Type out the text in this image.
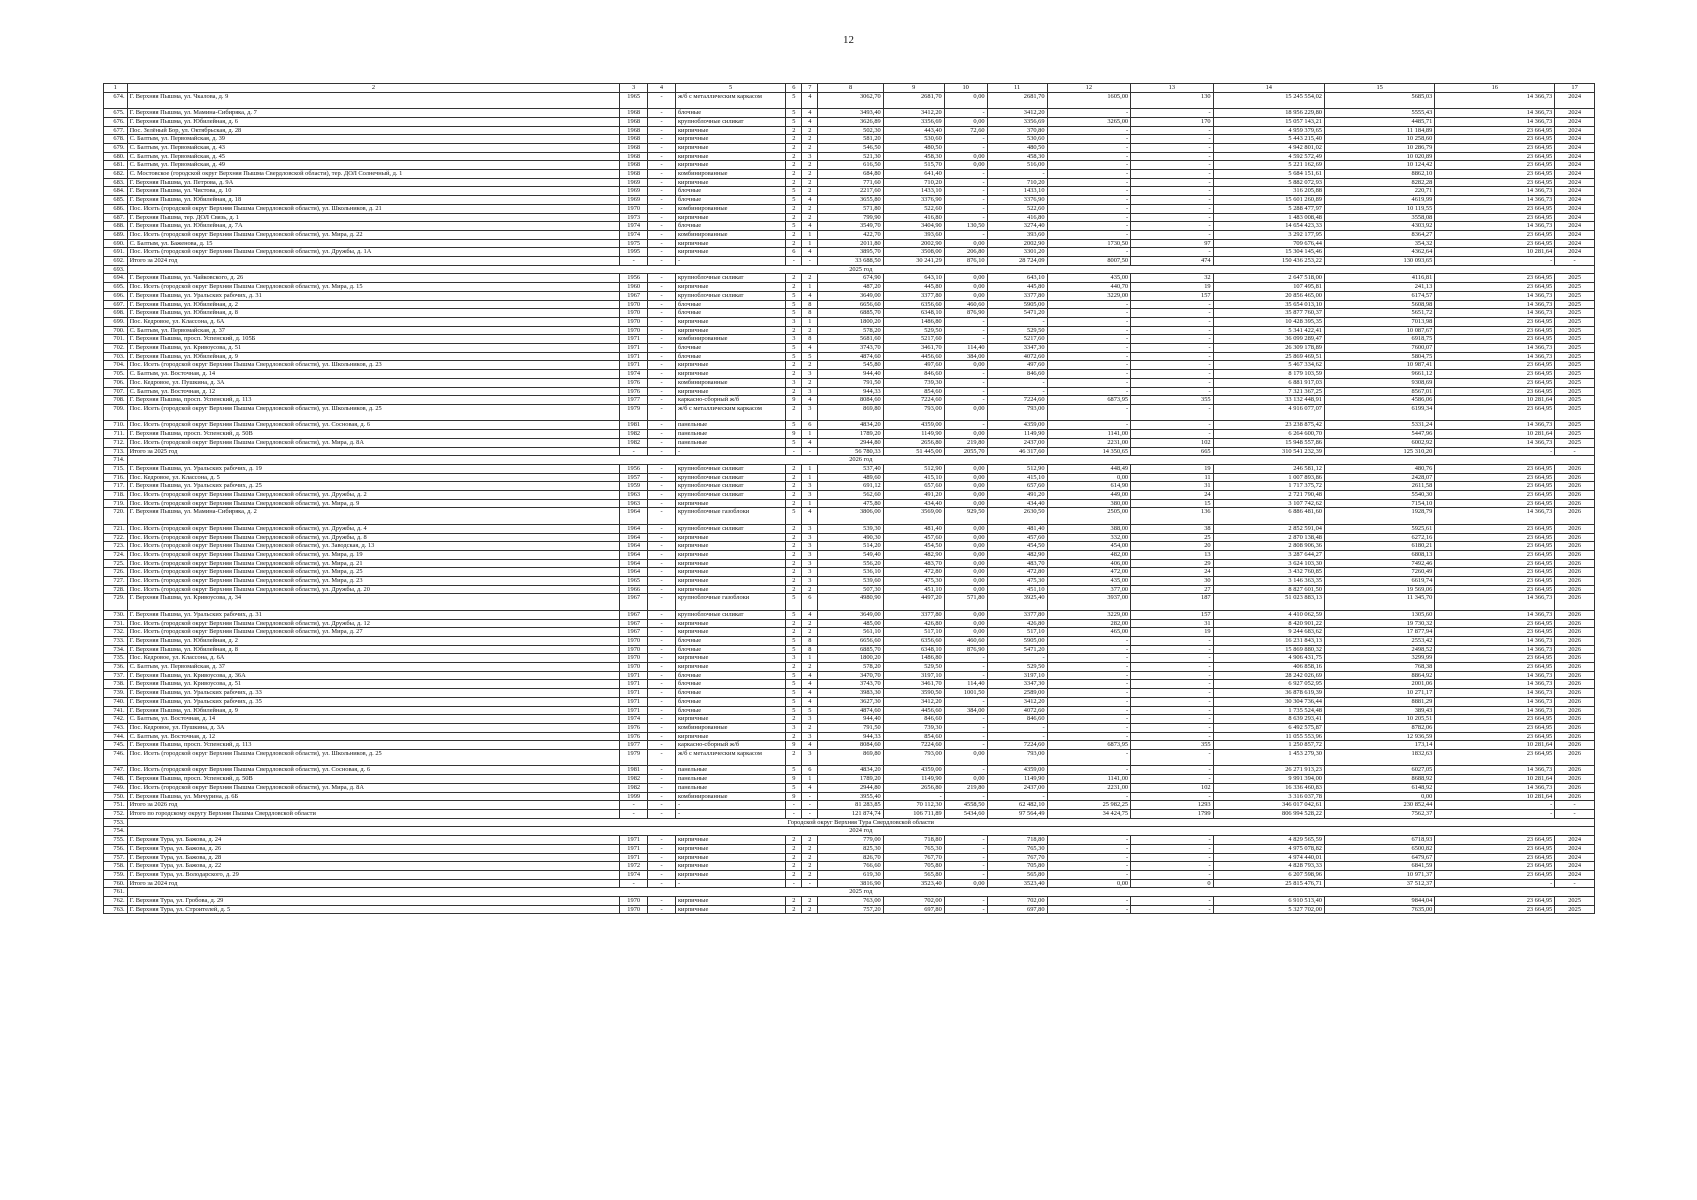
12
1	2	3	4	5	6	7	8	9	10	11	12	13	14	15	16	17
674.	Г. Верхняя Пышма, ул. Чкалова, д. 9	1965	-	ж/б с металлическим каркасом	5	4	3062,70	2681,70	0,00	2681,70	1605,00	130	15 245 554,02	5685,03	14 366,73	2024
675.	Г. Верхняя Пышма, ул. Мамина-Сибиряка, д. 7	1968	-	блочные	5	4	3493,40	3412,20	-	3412,20	-	-	18 956 229,80	5555,43	14 366,73	2024
676.	Г. Верхняя Пышма, ул. Юбилейная, д. 6	1968	-	крупноблочные силикат	5	4	3626,89	3356,69	0,00	3356,69	3265,00	170	15 057 143,21	4485,71	14 366,73	2024
677.	Пос. Зелёный Бор, ул. Октябрьская, д. 28	1968	-	кирпичные	2	2	502,30	443,40	72,60	370,80	-	-	4 959 379,65	11 184,89	23 664,95	2024
678.	С. Балтым, ул. Первомайская, д. 39	1968	-	кирпичные	2	2	581,20	530,60	-	530,60	-	-	5 443 215,40	10 258,60	23 664,95	2024
679.	С. Балтым, ул. Первомайская, д. 43	1968	-	кирпичные	2	2	546,50	480,50	-	480,50	-	-	4 942 801,02	10 286,79	23 664,95	2024
680.	С. Балтым, ул. Первомайская, д. 45	1968	-	кирпичные	2	3	521,30	458,30	0,00	458,30	-	-	4 592 572,49	10 020,89	23 664,95	2024
681.	С. Балтым, ул. Первомайская, д. 49	1968	-	кирпичные	2	2	616,50	515,70	0,00	516,00	-	-	5 221 162,69	10 124,42	23 664,95	2024
682.	С. Мостовское (городской округ Верхняя Пышма Свердловской области), тер. ДОЛ Солнечный, д. 1	1968	-	комбинированные	2	2	684,80	641,40	-	-	-	-	5 684 151,61	8862,10	23 664,95	2024
683.	Г. Верхняя Пышма, ул. Петрова, д. 9А	1969	-	кирпичные	2	2	771,60	710,20	-	710,20	-	-	5 882 072,93	8282,28	23 664,95	2024
684.	Г. Верхняя Пышма, ул. Чистова, д. 10	1969	-	блочные	5	2	2217,60	1433,10	-	1433,10	-	-	316 205,88	220,71	14 366,73	2024
685.	Г. Верхняя Пышма, ул. Юбилейная, д. 18	1969	-	блочные	5	4	3655,80	3376,90	-	3376,90	-	-	15 601 260,89	4619,99	14 366,73	2024
686.	Пос. Исеть (городской округ Верхняя Пышма Свердловской области), ул. Школьников, д. 21	1970	-	комбинированные	2	2	571,80	522,60	-	522,60	-	-	5 288 477,97	10 119,55	23 664,95	2024
687.	Г. Верхняя Пышма, тер. ДОЛ Связь, д. 1	1973	-	кирпичные	2	2	799,90	416,80	-	416,80	-	-	1 483 008,48	3558,08	23 664,95	2024
688.	Г. Верхняя Пышма, ул. Юбилейная, д. 7А	1974	-	блочные	5	4	3549,70	3404,90	130,50	3274,40	-	-	14 654 423,33	4303,92	14 366,73	2024
689.	Пос. Исеть (городской округ Верхняя Пышма Свердловской области), ул. Мира, д. 22	1974	-	комбинированные	2	1	422,70	393,60	-	393,60	-	-	3 292 177,95	8364,27	23 664,95	2024
690.	С. Балтым, ул. Баженова, д. 15	1975	-	кирпичные	2	1	2011,80	2002,90	0,00	2002,90	1730,50	97	709 676,44	354,32	23 664,95	2024
691.	Пос. Исеть (городской округ Верхняя Пышма Свердловской области), ул. Дружбы, д. 1А	1995	-	кирпичные	6	4	3895,70	3508,00	206,80	3301,20	-	-	15 304 145,46	4362,64	10 281,64	2024
692.	Итого за 2024 год	-	-	-	-	-	33 688,50	30 241,29	876,10	28 724,09	8007,50	474	150 436 253,22	130 093,65	-	-
693.	2025 год															
694.	Г. Верхняя Пышма, ул. Чайковского, д. 26	1956	-	крупноблочные силикат	2	2	674,90	643,10	0,00	643,10	435,00	32	2 647 518,00	4116,81	23 664,95	2025
695.	Пос. Исеть (городской округ Верхняя Пышма Свердловской области), ул. Мира, д. 15	1960	-	кирпичные	2	1	487,20	445,80	0,00	445,80	440,70	19	107 495,81	241,13	23 664,95	2025
696.	Г. Верхняя Пышма, ул. Уральских рабочих, д. 31	1967	-	крупноблочные силикат	5	4	3649,00	3377,80	0,00	3377,80	3229,00	157	20 856 465,00	6174,57	14 366,73	2025
697.	Г. Верхняя Пышма, ул. Юбилейная, д. 2	1970	-	блочные	5	8	6656,60	6356,60	460,60	5905,00	-	-	35 654 013,10	5608,98	14 366,73	2025
698.	Г. Верхняя Пышма, ул. Юбилейная, д. 8	1970	-	блочные	5	8	6885,70	6348,10	876,90	5471,20	-	-	35 877 760,37	5651,72	14 366,73	2025
699.	Пос. Кедровое, ул. Классона, д. 6А	1970	-	кирпичные	3	1	1800,20	1486,80	-	-	-	-	10 428 395,35	7013,98	23 664,95	2025
700.	С. Балтым, ул. Первомайская, д. 37	1970	-	кирпичные	2	2	578,20	529,50	-	529,50	-	-	5 341 422,41	10 087,67	23 664,95	2025
701.	Г. Верхняя Пышма, просп. Успенский, д. 105Б	1971	-	комбинированные	3	8	5681,60	5217,60	-	5217,60	-	-	36 099 289,47	6918,75	23 664,95	2025
702.	Г. Верхняя Пышма, ул. Кривоусова, д. 51	1971	-	блочные	5	4	3743,70	3461,70	114,40	3347,30	-	-	26 309 178,89	7600,07	14 366,73	2025
703.	Г. Верхняя Пышма, ул. Юбилейная, д. 9	1971	-	блочные	5	5	4874,60	4456,60	384,00	4072,60	-	-	25 869 469,51	5804,75	14 366,73	2025
704.	Пос. Исеть (городской округ Верхняя Пышма Свердловской области), ул. Школьников, д. 23	1971	-	кирпичные	2	2	545,80	497,60	0,00	497,60	-	-	5 467 334,62	10 987,41	23 664,95	2025
705.	С. Балтым, ул. Восточная, д. 14	1974	-	кирпичные	2	3	944,40	846,60	-	846,60	-	-	8 179 103,59	9661,12	23 664,95	2025
706.	Пос. Кедровое, ул. Пушкина, д. 3А	1976	-	комбинированные	3	2	791,50	739,30	-	-	-	-	6 881 917,03	9308,69	23 664,95	2025
707.	С. Балтым, ул. Восточная, д. 12	1976	-	кирпичные	2	3	944,33	854,60	-	-	-	-	7 321 367,25	8567,01	23 664,95	2025
708.	Г. Верхняя Пышма, просп. Успенский, д. 113	1977	-	каркасно-сборный ж/б	9	4	8084,60	7224,60	-	7224,60	6873,95	355	33 132 448,91	4586,06	10 281,64	2025
709.	Пос. Исеть (городской округ Верхняя Пышма Свердловской области), ул. Школьников, д. 25	1979	-	ж/б с металлическим каркасом	2	3	869,80	793,00	0,00	793,00	-	-	4 916 077,07	6199,34	23 664,95	2025
710.	Пос. Исеть (городской округ Верхняя Пышма Свердловской области), ул. Сосновая, д. 6	1981	-	панельные	5	6	4834,20	4359,00	-	4359,00	-	-	23 238 875,42	5331,24	14 366,73	2025
711.	Г. Верхняя Пышма, просп. Успенский, д. 50В	1982	-	панельные	9	1	1789,20	1149,90	0,00	1149,90	1141,00	-	6 264 600,70	5447,96	10 281,64	2025
712.	Пос. Исеть (городской округ Верхняя Пышма Свердловской области), ул. Мира, д. 8А	1982	-	панельные	5	4	2944,80	2656,80	219,80	2437,00	2231,00	102	15 948 557,86	6002,92	14 366,73	2025
713.	Итого за 2025 год	-	-	-	-	-	56 780,33	51 445,00	2055,70	46 317,60	14 350,65	665	310 541 232,39	125 310,20	-	-
714.	2026 год															
715.	Г. Верхняя Пышма, ул. Уральских рабочих, д. 19	1956	-	крупноблочные силикат	2	1	537,40	512,90	0,00	512,90	448,49	19	246 581,12	480,76	23 664,95	2026
716.	Пос. Кедровое, ул. Классона, д. 5	1957	-	крупноблочные силикат	2	1	489,60	415,10	0,00	415,10	0,00	11	1 007 893,86	2428,07	23 664,95	2026
717.	Г. Верхняя Пышма, ул. Уральских рабочих, д. 25	1959	-	крупноблочные силикат	2	3	691,12	657,60	0,00	657,60	614,90	31	1 717 375,72	2611,58	23 664,95	2026
718.	Пос. Исеть (городской округ Верхняя Пышма Свердловской области), ул. Дружбы, д. 2	1963	-	крупноблочные силикат	2	3	562,60	491,20	0,00	491,20	449,00	24	2 721 790,48	5540,30	23 664,95	2026
719.	Пос. Исеть (городской округ Верхняя Пышма Свердловской области), ул. Мира, д. 9	1963	-	кирпичные	2	1	475,80	434,40	0,00	434,40	380,00	15	3 107 742,62	7154,10	23 664,95	2026
720.	Г. Верхняя Пышма, ул. Мамина-Сибиряка, д. 2	1964	-	крупноблочные газоблоки	5	4	3806,00	3569,00	929,50	2630,50	2505,00	136	6 886 481,60	1928,79	14 366,73	2026
721.	Пос. Исеть (городской округ Верхняя Пышма Свердловской области), ул. Дружбы, д. 4	1964	-	крупноблочные силикат	2	3	539,30	481,40	0,00	481,40	388,00	38	2 852 591,04	5925,61	23 664,95	2026
722.	Пос. Исеть (городской округ Верхняя Пышма Свердловской области), ул. Дружбы, д. 8	1964	-	кирпичные	2	3	490,30	457,60	0,00	457,60	332,00	25	2 870 138,48	6272,16	23 664,95	2026
723.	Пос. Исеть (городской округ Верхняя Пышма Свердловской области), ул. Заводская, д. 13	1964	-	кирпичные	2	3	514,20	454,50	0,00	454,50	454,00	20	2 808 906,36	6180,21	23 664,95	2026
724.	Пос. Исеть (городской округ Верхняя Пышма Свердловской области), ул. Мира, д. 19	1964	-	кирпичные	2	3	549,40	482,90	0,00	482,90	482,00	13	3 287 644,27	6808,13	23 664,95	2026
725.	Пос. Исеть (городской округ Верхняя Пышма Свердловской области), ул. Мира, д. 21	1964	-	кирпичные	2	3	556,20	483,70	0,00	483,70	406,00	29	3 624 103,30	7492,46	23 664,95	2026
726.	Пос. Исеть (городской округ Верхняя Пышма Свердловской области), ул. Мира, д. 25	1964	-	кирпичные	2	3	536,10	472,80	0,00	472,80	472,00	24	3 432 760,85	7260,49	23 664,95	2026
727.	Пос. Исеть (городской округ Верхняя Пышма Свердловской области), ул. Мира, д. 23	1965	-	кирпичные	2	3	539,60	475,30	0,00	475,30	435,00	30	3 146 363,35	6619,74	23 664,95	2026
728.	Пос. Исеть (городской округ Верхняя Пышма Свердловской области), ул. Дружбы, д. 20	1966	-	кирпичные	2	2	507,30	451,10	0,00	451,10	377,00	27	8 827 601,50	19 569,06	23 664,95	2026
729.	Г. Верхняя Пышма, ул. Кривоусова, д. 34	1967	-	крупноблочные газоблоки	5	6	4980,90	4497,20	571,80	3925,40	3937,00	187	51 023 883,13	11 345,70	14 366,73	2026
730.	Г. Верхняя Пышма, ул. Уральских рабочих, д. 31	1967	-	крупноблочные силикат	5	4	3649,00	3377,80	0,00	3377,80	3229,00	157	4 410 062,59	1305,60	14 366,73	2026
731.	Пос. Исеть (городской округ Верхняя Пышма Свердловской области), ул. Дружбы, д. 12	1967	-	кирпичные	2	2	485,00	426,80	0,00	426,80	282,00	31	8 420 901,22	19 730,32	23 664,95	2026
732.	Пос. Исеть (городской округ Верхняя Пышма Свердловской области), ул. Мира, д. 27	1967	-	кирпичные	2	2	561,10	517,10	0,00	517,10	465,00	19	9 244 683,62	17 877,94	23 664,95	2026
733.	Г. Верхняя Пышма, ул. Юбилейная, д. 2	1970	-	блочные	5	8	6656,60	6356,60	460,60	5905,00	-	-	16 231 843,13	2553,42	14 366,73	2026
734.	Г. Верхняя Пышма, ул. Юбилейная, д. 8	1970	-	блочные	5	8	6885,70	6348,10	876,90	5471,20	-	-	15 869 880,32	2498,52	14 366,73	2026
735.	Пос. Кедровое, ул. Классона, д. 6А	1970	-	кирпичные	3	1	1800,20	1486,80	-	-	-	-	4 906 431,75	3299,99	23 664,95	2026
736.	С. Балтым, ул. Первомайская, д. 37	1970	-	кирпичные	2	2	578,20	529,50	-	529,50	-	-	406 858,16	768,38	23 664,95	2026
737.	Г. Верхняя Пышма, ул. Кривоусова, д. 36А	1971	-	блочные	5	4	3470,70	3197,10	-	3197,10	-	-	28 242 026,69	8864,92	14 366,73	2026
738.	Г. Верхняя Пышма, ул. Кривоусова, д. 51	1971	-	блочные	5	4	3743,70	3461,70	114,40	3347,30	-	-	6 927 052,95	2001,06	14 366,73	2026
739.	Г. Верхняя Пышма, ул. Уральских рабочих, д. 33	1971	-	блочные	5	4	3983,30	3590,50	1001,50	2589,00	-	-	36 878 619,39	10 271,17	14 366,73	2026
740.	Г. Верхняя Пышма, ул. Уральских рабочих, д. 35	1971	-	блочные	5	4	3627,30	3412,20	-	3412,20	-	-	30 304 736,44	8881,29	14 366,73	2026
741.	Г. Верхняя Пышма, ул. Юбилейная, д. 9	1971	-	блочные	5	5	4874,60	4456,60	384,00	4072,60	-	-	1 735 524,48	389,43	14 366,73	2026
742.	С. Балтым, ул. Восточная, д. 14	1974	-	кирпичные	2	3	944,40	846,60	-	846,60	-	-	8 639 293,41	10 205,51	23 664,95	2026
743.	Пос. Кедровое, ул. Пушкина, д. 3А	1976	-	комбинированные	3	2	791,50	739,30	-	-	-	-	6 492 575,87	8782,06	23 664,95	2026
744.	С. Балтым, ул. Восточная, д. 12	1976	-	кирпичные	2	3	944,33	854,60	-	-	-	-	11 055 553,96	12 936,59	23 664,95	2026
745.	Г. Верхняя Пышма, просп. Успенский, д. 113	1977	-	каркасно-сборный ж/б	9	4	8084,60	7224,60	-	7224,60	6873,95	355	1 250 857,72	173,14	10 281,64	2026
746.	Пос. Исеть (городской округ Верхняя Пышма Свердловской области), ул. Школьников, д. 25	1979	-	ж/б с металлическим каркасом	2	3	869,80	793,00	0,00	793,00	-	-	1 453 279,30	1832,63	23 664,95	2026
747.	Пос. Исеть (городской округ Верхняя Пышма Свердловской области), ул. Сосновая, д. 6	1981	-	панельные	5	6	4834,20	4359,00	-	4359,00	-	-	26 271 913,23	6027,05	14 366,73	2026
748.	Г. Верхняя Пышма, просп. Успенский, д. 50В	1982	-	панельные	9	1	1789,20	1149,90	0,00	1149,90	1141,00	-	9 991 394,00	8688,92	10 281,64	2026
749.	Пос. Исеть (городской округ Верхняя Пышма Свердловской области), ул. Мира, д. 8А	1982	-	панельные	5	4	2944,80	2656,80	219,80	2437,00	2231,00	102	16 336 460,83	6148,92	14 366,73	2026
750.	Г. Верхняя Пышма, ул. Мичурина, д. 6Б	1999	-	комбинированные	9	-	3955,40	-	-	-	-	-	3 316 037,78	0,00	10 281,64	2026
751.	Итого за 2026 год	-	-	-	-	-	81 283,85	70 112,30	4558,50	62 482,10	25 982,25	1293	346 017 042,61	230 852,44	-	-
752.	Итого по городскому округу Верхняя Пышма Свердловской области	-	-	-	-	-	121 874,74	106 711,89	5434,60	97 564,49	34 424,75	1799	806 994 528,22	7562,37	-	-
753.	Городской округ Верхняя Тура Свердловской области															
754.	2024 год															
755.	Г. Верхняя Тура, ул. Бажова, д. 24	1971	-	кирпичные	2	2	779,00	718,80	-	718,80	-	-	4 829 565,59	6718,93	23 664,95	2024
756.	Г. Верхняя Тура, ул. Бажова, д. 26	1971	-	кирпичные	2	2	825,30	765,30	-	765,30	-	-	4 975 078,82	6500,82	23 664,95	2024
757.	Г. Верхняя Тура, ул. Бажова, д. 28	1971	-	кирпичные	2	2	826,70	767,70	-	767,70	-	-	4 974 440,01	6479,67	23 664,95	2024
758.	Г. Верхняя Тура, ул. Бажова, д. 22	1972	-	кирпичные	2	2	766,60	705,80	-	705,80	-	-	4 828 793,33	6841,59	23 664,95	2024
759.	Г. Верхняя Тура, ул. Володарского, д. 29	1974	-	кирпичные	2	2	619,30	565,80	-	565,80	-	-	6 207 598,96	10 971,37	23 664,95	2024
760.	Итого за 2024 год	-	-	-	-	-	3816,90	3523,40	0,00	3523,40	0,00	0	25 815 476,71	37 512,37	-	-
761.	2025 год															
762.	Г. Верхняя Тура, ул. Гробова, д. 29	1970	-	кирпичные	2	2	763,00	702,00	-	702,00	-	-	6 910 513,40	9844,04	23 664,95	2025
763.	Г. Верхняя Тура, ул. Строителей, д. 5	1970	-	кирпичные	2	2	757,20	697,80	-	697,80	-	-	5 327 702,00	7635,00	23 664,95	2025
